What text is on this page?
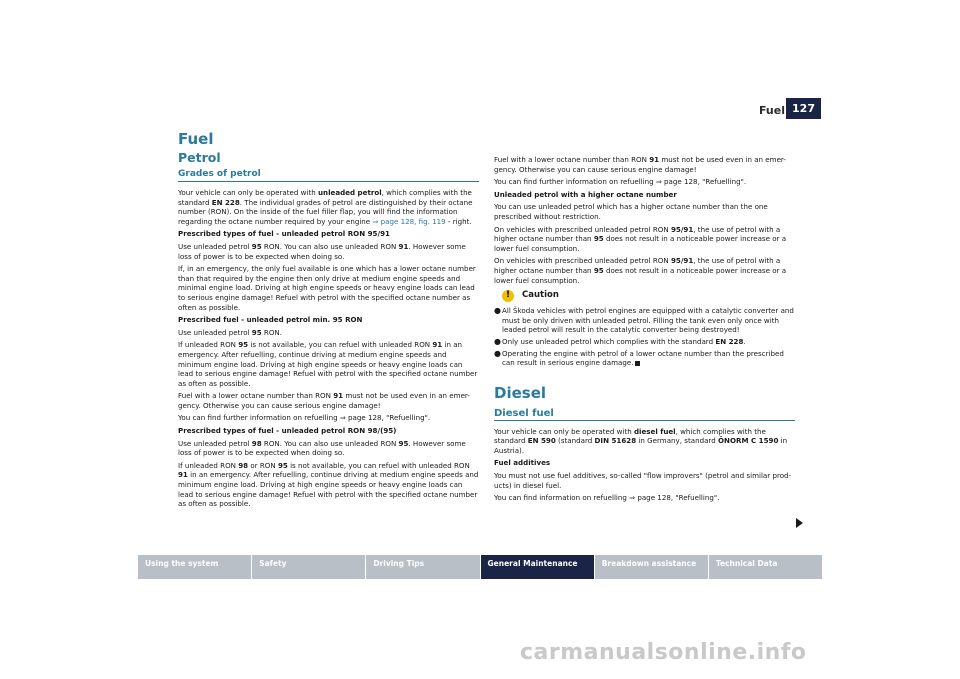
Fuel 127
Fuel
Petrol
Grades of petrol

Your vehicle can only be operated with unleaded petrol, which complies with the standard EN 228. The individual grades of petrol are distinguished by their octane number (RON). On the inside of the fuel filler flap, you will find the information regarding the octane number required by your engine ⇒ page 128, fig. 119 - right.

Prescribed types of fuel - unleaded petrol RON 95/91

Use unleaded petrol 95 RON. You can also use unleaded RON 91. However some loss of power is to be expected when doing so.

If, in an emergency, the only fuel available is one which has a lower octane number than that required by the engine then only drive at medium engine speeds and minimal engine load. Driving at high engine speeds or heavy engine loads can lead to serious engine damage! Refuel with petrol with the specified octane number as often as possible.

Prescribed fuel - unleaded petrol min. 95 RON

Use unleaded petrol 95 RON.

If unleaded RON 95 is not available, you can refuel with unleaded RON 91 in an emergency. After refuelling, continue driving at medium engine speeds and minimum engine load. Driving at high engine speeds or heavy engine loads can lead to serious engine damage! Refuel with petrol with the specified octane number as often as possible.

Fuel with a lower octane number than RON 91 must not be used even in an emer-gency. Otherwise you can cause serious engine damage!

You can find further information on refuelling ⇒ page 128, "Refuelling".

Prescribed types of fuel - unleaded petrol RON 98/(95)

Use unleaded petrol 98 RON. You can also use unleaded RON 95. However some loss of power is to be expected when doing so.

If unleaded RON 98 or RON 95 is not available, you can refuel with unleaded RON 91 in an emergency. After refuelling, continue driving at medium engine speeds and minimum engine load. Driving at high engine speeds or heavy engine loads can lead to serious engine damage! Refuel with petrol with the specified octane number as often as possible.

Fuel with a lower octane number than RON 91 must not be used even in an emer-gency. Otherwise you can cause serious engine damage!

You can find further information on refuelling ⇒ page 128, "Refuelling".

Unleaded petrol with a higher octane number

You can use unleaded petrol which has a higher octane number than the one prescribed without restriction.

On vehicles with prescribed unleaded petrol RON 95/91, the use of petrol with a higher octane number than 95 does not result in a noticeable power increase or a lower fuel consumption.

On vehicles with prescribed unleaded petrol RON 95/91, the use of petrol with a higher octane number than 95 does not result in a noticeable power increase or a lower fuel consumption.

!	Caution
● All Škoda vehicles with petrol engines are equipped with a catalytic converter and must be only driven with unleaded petrol. Filling the tank even only once with leaded petrol will result in the catalytic converter being destroyed!
● Only use unleaded petrol which complies with the standard EN 228.
● Operating the engine with petrol of a lower octane number than the prescribed can result in serious engine damage.
Diesel
Diesel fuel

Your vehicle can only be operated with diesel fuel, which complies with the standard EN 590 (standard DIN 51628 in Germany, standard ÖNORM C 1590 in Austria).

Fuel additives

You must not use fuel additives, so-called "flow improvers" (petrol and similar prod-ucts) in diesel fuel.

You can find information on refuelling ⇒ page 128, "Refuelling".

Using the system	Safety	Driving Tips	General Maintenance	Breakdown assistance	Technical Data
carmanualsonline.info
